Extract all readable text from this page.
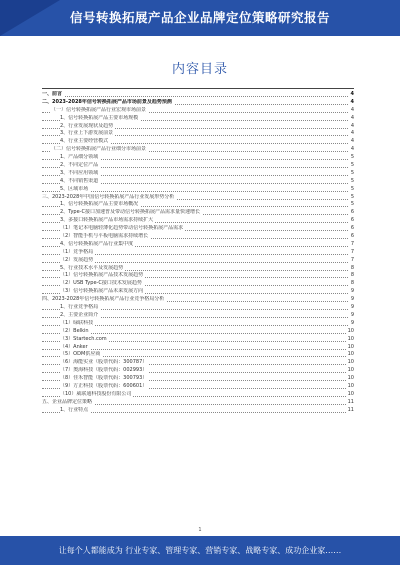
信号转换拓展产品企业品牌定位策略研究报告
内容目录
一、前言	4
二、2023-2028年信号转换拓展产品市场前景及趋势预测	4
（一）信号转换拓展产品行业宏观市场前景	4
1、信号转换拓展产品主要市场规模	4
2、行业发展现状及趋势	4
3、行业上下游发展前景	4
4、行业主要经营模式	4
（二）信号转换拓展产品行业细分市场前景	4
1、产品细分领域	5
2、不同定位产品	5
3、不同应用领域	5
4、不同销售渠道	5
5、区域市场	5
三、2023-2028年中国信号转换拓展产品行业发展形势分析	5
1、信号转换拓展产品主要市场概况	5
2、Type-C接口加速普及带动信号转换拓展产品需求量快速增长	6
3、多接口转换拓展产品市场需求持续扩大	6
（1）笔记本电脑轻薄化趋势带动信号转换拓展产品需求	6
（2）智能手机与平板电脑需求持续增长	6
4、信号转换拓展产品行业集中度	7
（1）竞争格局	7
（2）发展趋势	7
5、行业技术水平及发展趋势	8
（1）信号转换拓展产品技术发展趋势	8
（2）USB Type-C接口技术发展趋势	8
（3）信号转换拓展产品未来发展方向	9
四、2023-2028年信号转换拓展产品行业竞争格局分析	9
1、行业竞争格局	9
2、主要企业简介	9
（1）绿联科技	9
（2）Belkin	10
（3）Startech.com	10
（4）Anker	10
（5）ODM供应商	10
（6）海能实业（股票代码：300787）	10
（7）奥海科技（股票代码：002993）	10
（8）佳禾智能（股票代码：300793）	10
（9）方正科技（股票代码：600601）	10
（10）威联通科技股份有限公司	10
五、企业品牌定位策略	11
1、行业特点	11
1
让每个人都能成为 行业专家、管理专家、营销专家、战略专家、成功企业家……
